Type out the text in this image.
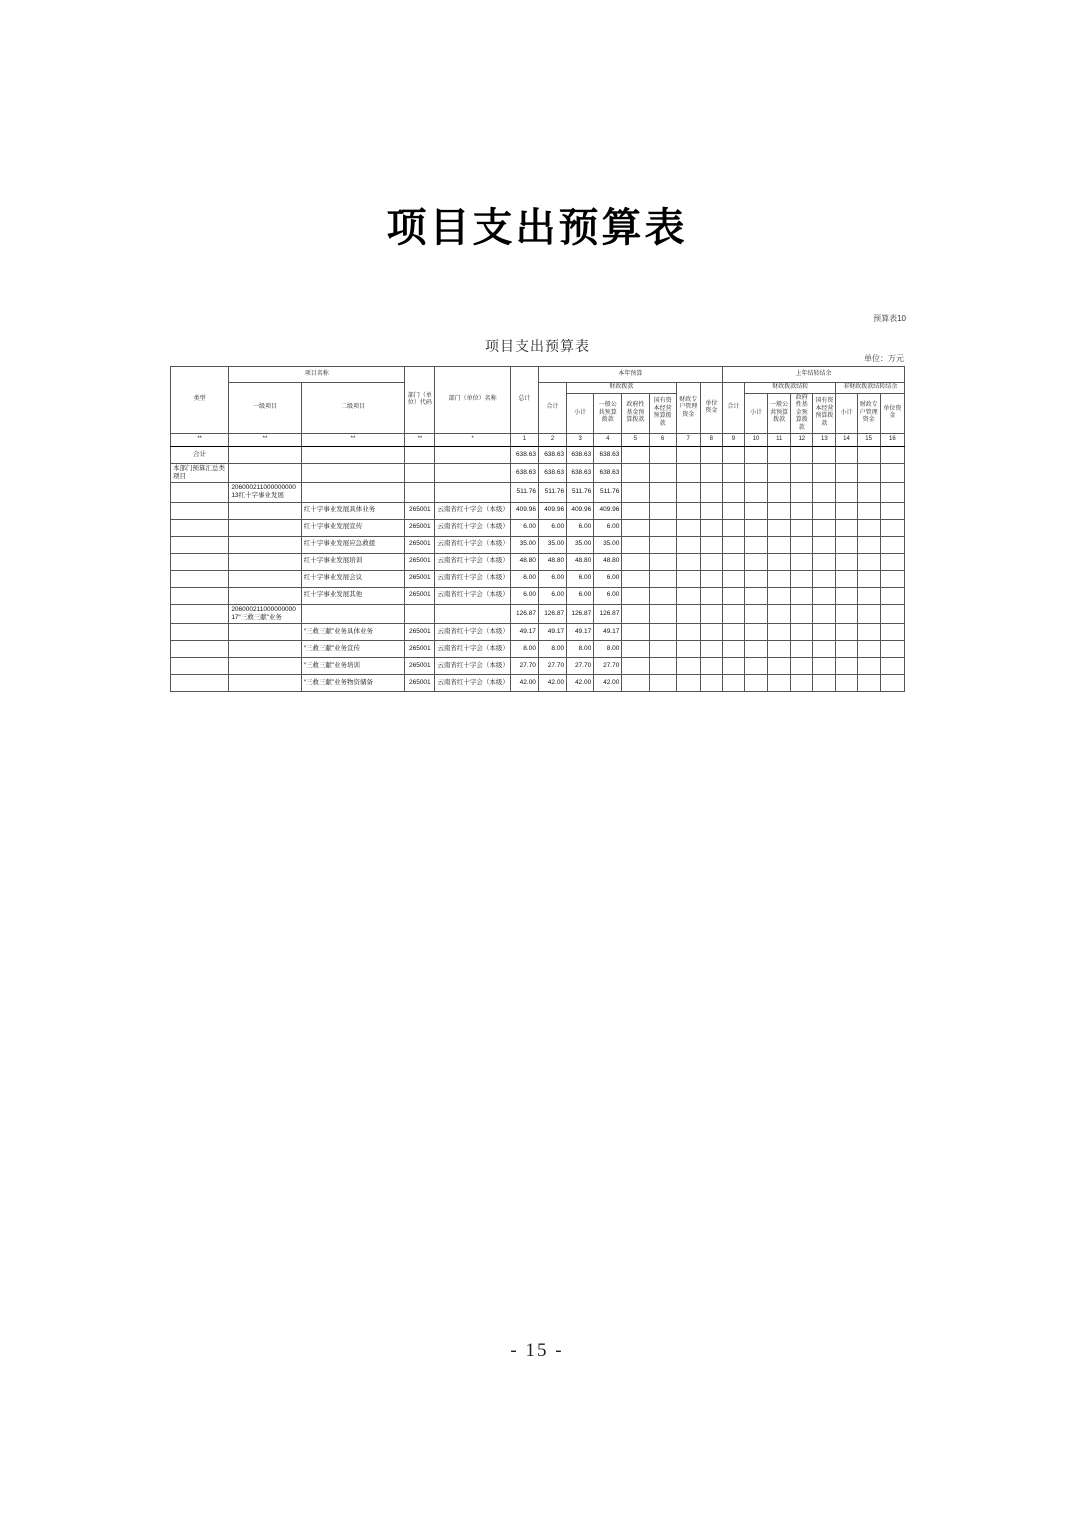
项目支出预算表
预算表10
项目支出预算表
单位：万元
类型	项目名称		部门（单位）代码	部门（单位）名称	总计	本年预算							上年结转结余							
	一级项目	二级项目				合计	财政拨款				财政专户管理资金	单位资金	合计	财政拨款结转				非财政拨款结转结余		
							小计	一般公共预算拨款	政府性基金预算拨款	国有资本经营预算拨款				小计	一般公共预算拨款	政府性基金预算拨款	国有资本经营预算拨款	小计	财政专户管理资金	单位资金
**	**	**	**	*	1	2	3	4	5	6	7	8	9	10	11	12	13	14	15	16
合计					638.63	638.63	638.63	638.63												
本部门预算汇总类项目					638.63	638.63	638.63	638.63												
	20600021100000000013红十字事业发展				511.76	511.76	511.76	511.76												
		红十字事业发展具体业务	265001	云南省红十字会（本级）	409.96	409.96	409.96	409.96												
		红十字事业发展宣传	265001	云南省红十字会（本级）	6.00	6.00	6.00	6.00												
		红十字事业发展应急救援	265001	云南省红十字会（本级）	35.00	35.00	35.00	35.00												
		红十字事业发展培训	265001	云南省红十字会（本级）	48.80	48.80	48.80	48.80												
		红十字事业发展会议	265001	云南省红十字会（本级）	6.00	6.00	6.00	6.00												
		红十字事业发展其他	265001	云南省红十字会（本级）	6.00	6.00	6.00	6.00												
	20600021100000000017“三救三献”业务				126.87	126.87	126.87	126.87												
		“三救三献”业务具体业务	265001	云南省红十字会（本级）	49.17	49.17	49.17	49.17												
		“三救三献”业务宣传	265001	云南省红十字会（本级）	8.00	8.00	8.00	8.00												
		“三救三献”业务培训	265001	云南省红十字会（本级）	27.70	27.70	27.70	27.70												
		“三救三献”业务物资储备	265001	云南省红十字会（本级）	42.00	42.00	42.00	42.00												
- 15 -
